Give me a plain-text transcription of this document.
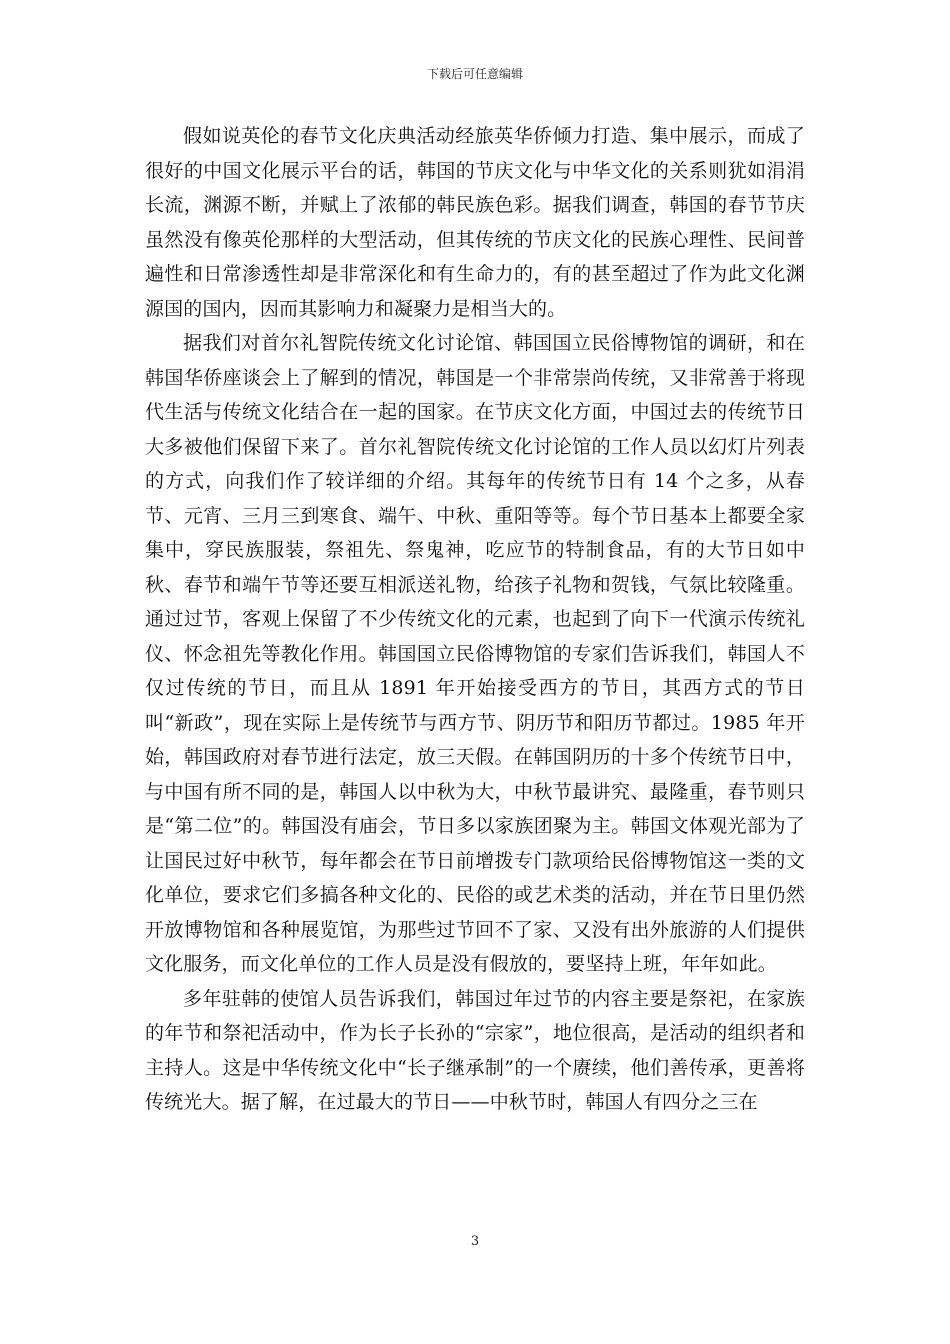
下载后可任意编辑

假如说英伦的春节文化庆典活动经旅英华侨倾力打造、集中展示，而成了很好的中国文化展示平台的话，韩国的节庆文化与中华文化的关系则犹如涓涓长流，渊源不断，并赋上了浓郁的韩民族色彩。据我们调查，韩国的春节节庆虽然没有像英伦那样的大型活动，但其传统的节庆文化的民族心理性、民间普遍性和日常渗透性却是非常深化和有生命力的，有的甚至超过了作为此文化渊源国的国内，因而其影响力和凝聚力是相当大的。

据我们对首尔礼智院传统文化讨论馆、韩国国立民俗博物馆的调研，和在韩国华侨座谈会上了解到的情况，韩国是一个非常崇尚传统，又非常善于将现代生活与传统文化结合在一起的国家。在节庆文化方面，中国过去的传统节日大多被他们保留下来了。首尔礼智院传统文化讨论馆的工作人员以幻灯片列表的方式，向我们作了较详细的介绍。其每年的传统节日有 14 个之多，从春节、元宵、三月三到寒食、端午、中秋、重阳等等。每个节日基本上都要全家集中，穿民族服装，祭祖先、祭鬼神，吃应节的特制食品，有的大节日如中秋、春节和端午节等还要互相派送礼物，给孩子礼物和贺钱，气氛比较隆重。通过过节，客观上保留了不少传统文化的元素，也起到了向下一代演示传统礼仪、怀念祖先等教化作用。韩国国立民俗博物馆的专家们告诉我们，韩国人不仅过传统的节日，而且从 1891 年开始接受西方的节日，其西方式的节日叫“新政”，现在实际上是传统节与西方节、阴历节和阳历节都过。1985 年开始，韩国政府对春节进行法定，放三天假。在韩国阴历的十多个传统节日中，与中国有所不同的是，韩国人以中秋为大，中秋节最讲究、最隆重，春节则只是“第二位”的。韩国没有庙会，节日多以家族团聚为主。韩国文体观光部为了让国民过好中秋节，每年都会在节日前增拨专门款项给民俗博物馆这一类的文化单位，要求它们多搞各种文化的、民俗的或艺术类的活动，并在节日里仍然开放博物馆和各种展览馆，为那些过节回不了家、又没有出外旅游的人们提供文化服务，而文化单位的工作人员是没有假放的，要坚持上班，年年如此。

多年驻韩的使馆人员告诉我们，韩国过年过节的内容主要是祭祀，在家族的年节和祭祀活动中，作为长子长孙的“宗家”，地位很高，是活动的组织者和主持人。这是中华传统文化中“长子继承制”的一个赓续，他们善传承，更善将传统光大。据了解，在过最大的节日——中秋节时，韩国人有四分之三在

3
